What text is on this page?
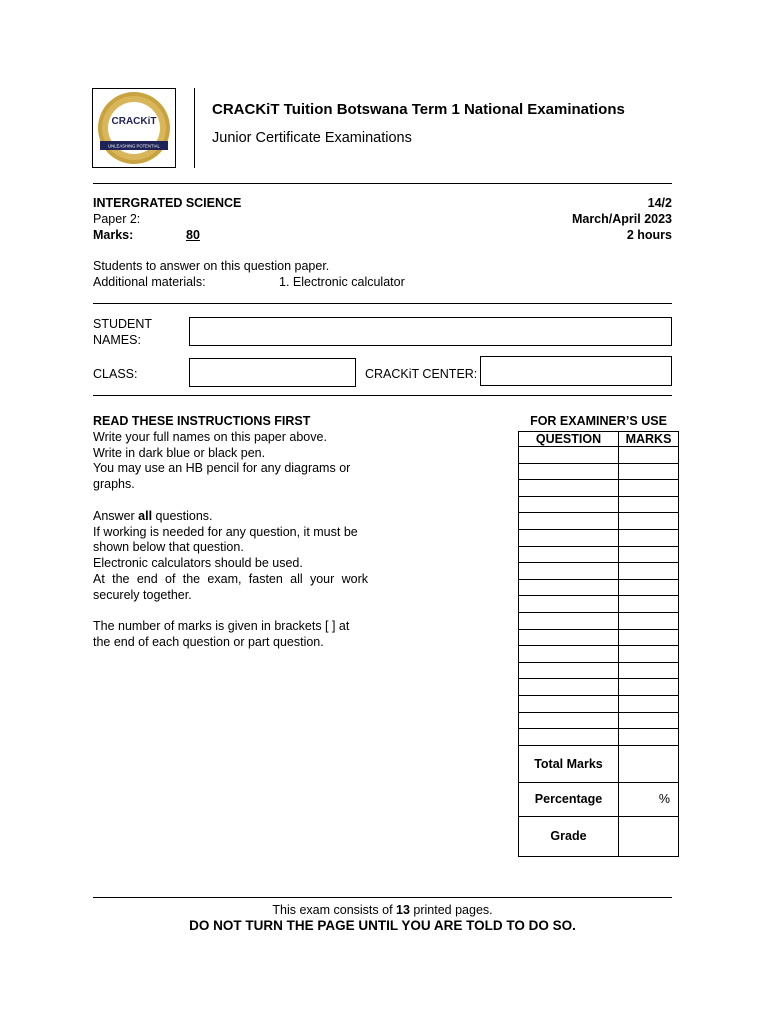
CRACKiT
UNLEASHING POTENTIAL
CRACKiT Tuition Botswana Term 1 National Examinations
Junior Certificate Examinations
INTERGRATED SCIENCE
Paper 2:
Marks:	80
14/2
March/April 2023
2 hours
Students to answer on this question paper.
Additional materials:	1. Electronic calculator
STUDENT
NAMES:
CLASS:	CRACKiT CENTER:

READ THESE INSTRUCTIONS FIRST

Write your full names on this paper above.

Write in dark blue or black pen.

You may use an HB pencil for any diagrams or graphs.

Answer all questions.

If working is needed for any question, it must be shown below that question.

Electronic calculators should be used.

At the end of the exam, fasten all your work securely together.

The number of marks is given in brackets [ ] at the end of each question or part question.

FOR EXAMINER’S USE
QUESTION	MARKS

Total Marks	
Percentage	%
Grade	
This exam consists of 13 printed pages.
DO NOT TURN THE PAGE UNTIL YOU ARE TOLD TO DO SO.
